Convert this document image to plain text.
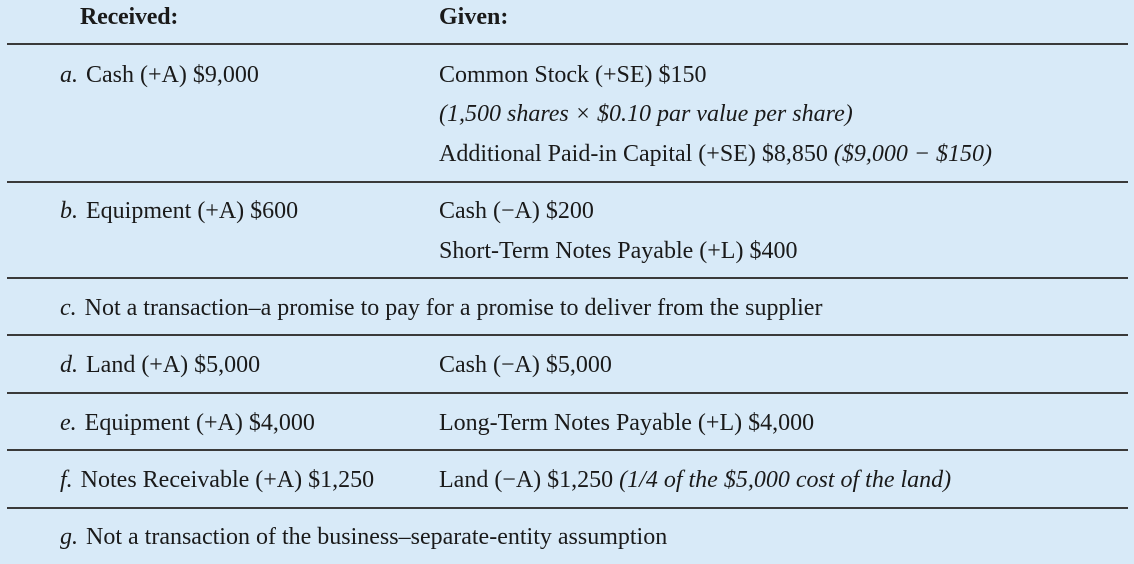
Received:	Given:
a. Cash (+A) $9,000	Common Stock (+SE) $150
(1,500 shares × $0.10 par value per share)
Additional Paid-in Capital (+SE) $8,850 ($9,000 − $150)
b. Equipment (+A) $600	Cash (−A) $200
Short-Term Notes Payable (+L) $400
c. Not a transaction–a promise to pay for a promise to deliver from the supplier
d. Land (+A) $5,000	Cash (−A) $5,000
e. Equipment (+A) $4,000	Long-Term Notes Payable (+L) $4,000
f. Notes Receivable (+A) $1,250	Land (−A) $1,250 (1/4 of the $5,000 cost of the land)
g. Not a transaction of the business–separate-entity assumption
